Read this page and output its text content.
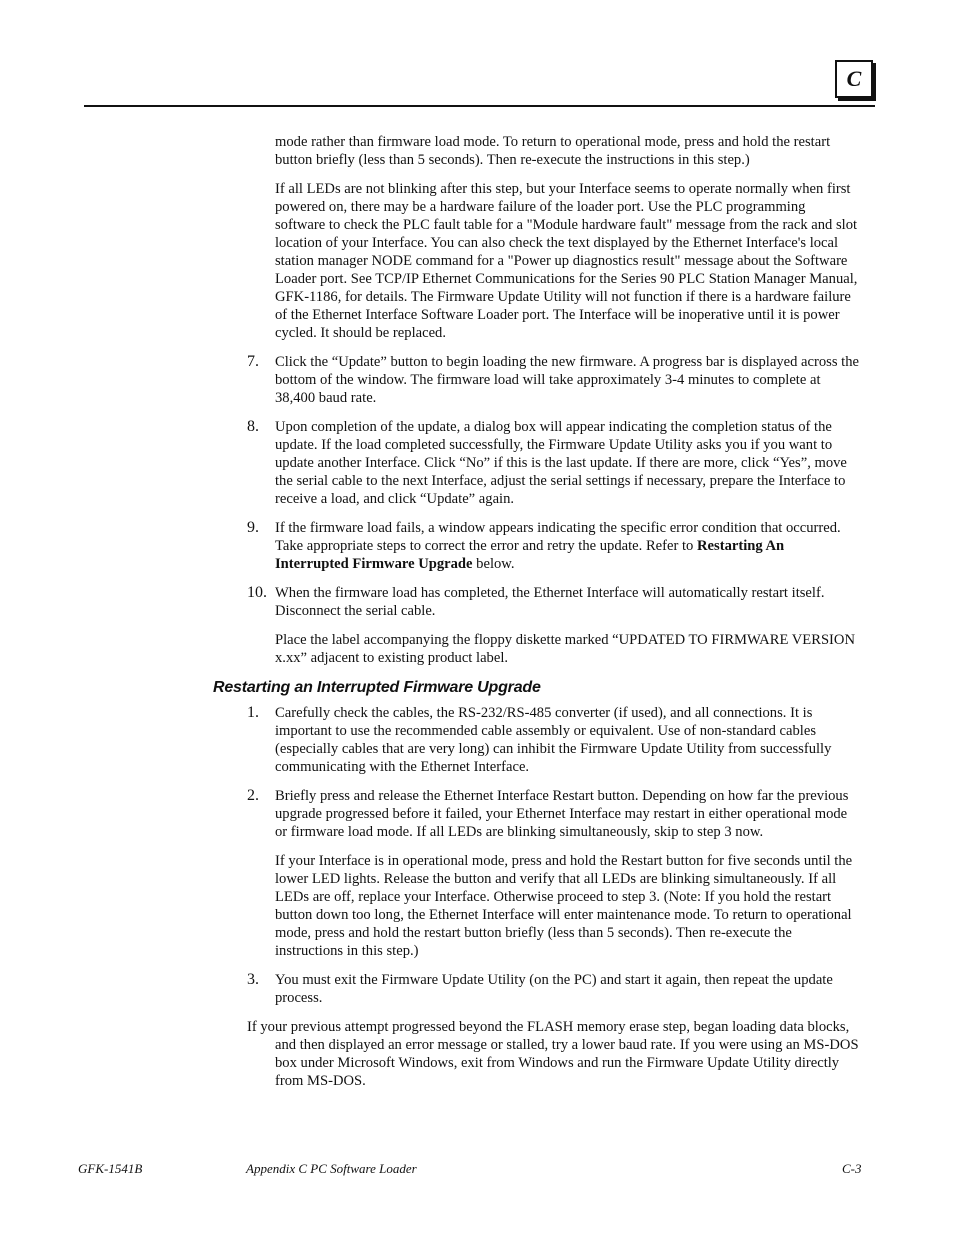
C

mode rather than firmware load mode. To return to operational mode, press and hold the restart button briefly (less than 5 seconds). Then re-execute the instructions in this step.)

If all LEDs are not blinking after this step, but your Interface seems to operate normally when first powered on, there may be a hardware failure of the loader port. Use the PLC programming software to check the PLC fault table for a "Module hardware fault" message from the rack and slot location of your Interface. You can also check the text displayed by the Ethernet Interface's local station manager NODE command for a "Power up diagnostics result" message about the Software Loader port. See TCP/IP Ethernet Communications for the Series 90 PLC Station Manager Manual, GFK-1186, for details. The Firmware Update Utility will not function if there is a hardware failure of the Ethernet Interface Software Loader port. The Interface will be inoperative until it is power cycled. It should be replaced.

7. Click the “Update” button to begin loading the new firmware. A progress bar is displayed across the bottom of the window. The firmware load will take approximately 3-4 minutes to complete at 38,400 baud rate.

8. Upon completion of the update, a dialog box will appear indicating the completion status of the update. If the load completed successfully, the Firmware Update Utility asks you if you want to update another Interface. Click “No” if this is the last update. If there are more, click “Yes”, move the serial cable to the next Interface, adjust the serial settings if necessary, prepare the Interface to receive a load, and click “Update” again.

9. If the firmware load fails, a window appears indicating the specific error condition that occurred. Take appropriate steps to correct the error and retry the update. Refer to Restarting An Interrupted Firmware Upgrade below.

10. When the firmware load has completed, the Ethernet Interface will automatically restart itself. Disconnect the serial cable.

Place the label accompanying the floppy diskette marked “UPDATED TO FIRMWARE VERSION x.xx” adjacent to existing product label.

Restarting an Interrupted Firmware Upgrade
1. Carefully check the cables, the RS-232/RS-485 converter (if used), and all connections. It is important to use the recommended cable assembly or equivalent. Use of non-standard cables (especially cables that are very long) can inhibit the Firmware Update Utility from successfully communicating with the Ethernet Interface.

2. Briefly press and release the Ethernet Interface Restart button. Depending on how far the previous upgrade progressed before it failed, your Ethernet Interface may restart in either operational mode or firmware load mode. If all LEDs are blinking simultaneously, skip to step 3 now.

If your Interface is in operational mode, press and hold the Restart button for five seconds until the lower LED lights. Release the button and verify that all LEDs are blinking simultaneously. If all LEDs are off, replace your Interface. Otherwise proceed to step 3. (Note: If you hold the restart button down too long, the Ethernet Interface will enter maintenance mode. To return to operational mode, press and hold the restart button briefly (less than 5 seconds). Then re-execute the instructions in this step.)

3. You must exit the Firmware Update Utility (on the PC) and start it again, then repeat the update process.

If your previous attempt progressed beyond the FLASH memory erase step, began loading data blocks, and then displayed an error message or stalled, try a lower baud rate. If you were using an MS-DOS box under Microsoft Windows, exit from Windows and run the Firmware Update Utility directly from MS-DOS.

GFK-1541B	Appendix C PC Software Loader	C-3
